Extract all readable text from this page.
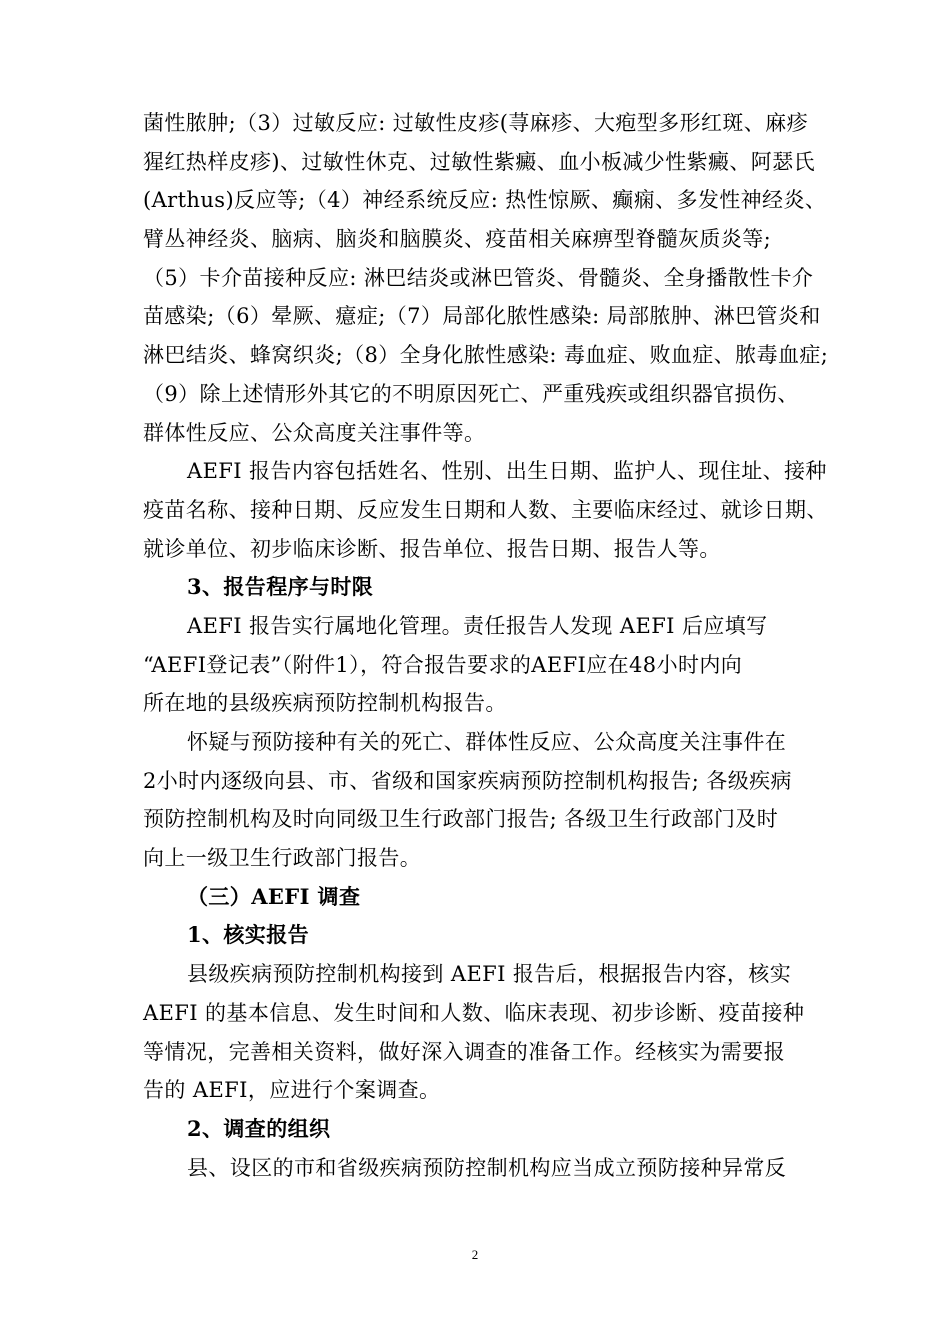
菌性脓肿;（3）过敏反应: 过敏性皮疹(荨麻疹、大疱型多形红斑、麻疹
猩红热样皮疹)、过敏性休克、过敏性紫癜、血小板减少性紫癜、阿瑟氏
(Arthus)反应等;（4）神经系统反应: 热性惊厥、癫痫、多发性神经炎、
臂丛神经炎、脑病、脑炎和脑膜炎、疫苗相关麻痹型脊髓灰质炎等;
（5）卡介苗接种反应: 淋巴结炎或淋巴管炎、骨髓炎、全身播散性卡介
苗感染;（6）晕厥、癔症;（7）局部化脓性感染: 局部脓肿、淋巴管炎和
淋巴结炎、蜂窝织炎;（8）全身化脓性感染: 毒血症、败血症、脓毒血症;
（9）除上述情形外其它的不明原因死亡、严重残疾或组织器官损伤、
群体性反应、公众高度关注事件等。
AEFI 报告内容包括姓名、性别、出生日期、监护人、现住址、接种
疫苗名称、接种日期、反应发生日期和人数、主要临床经过、就诊日期、
就诊单位、初步临床诊断、报告单位、报告日期、报告人等。
3、报告程序与时限
AEFI 报告实行属地化管理。责任报告人发现 AEFI 后应填写
“AEFI登记表”（附件1），符合报告要求的AEFI应在48小时内向
所在地的县级疾病预防控制机构报告。
怀疑与预防接种有关的死亡、群体性反应、公众高度关注事件在
2小时内逐级向县、市、省级和国家疾病预防控制机构报告; 各级疾病
预防控制机构及时向同级卫生行政部门报告; 各级卫生行政部门及时
向上一级卫生行政部门报告。
（三）AEFI 调查
1、核实报告
县级疾病预防控制机构接到 AEFI 报告后，根据报告内容，核实
AEFI 的基本信息、发生时间和人数、临床表现、初步诊断、疫苗接种
等情况，完善相关资料，做好深入调查的准备工作。经核实为需要报
告的 AEFI，应进行个案调查。
2、调查的组织
县、设区的市和省级疾病预防控制机构应当成立预防接种异常反
2
